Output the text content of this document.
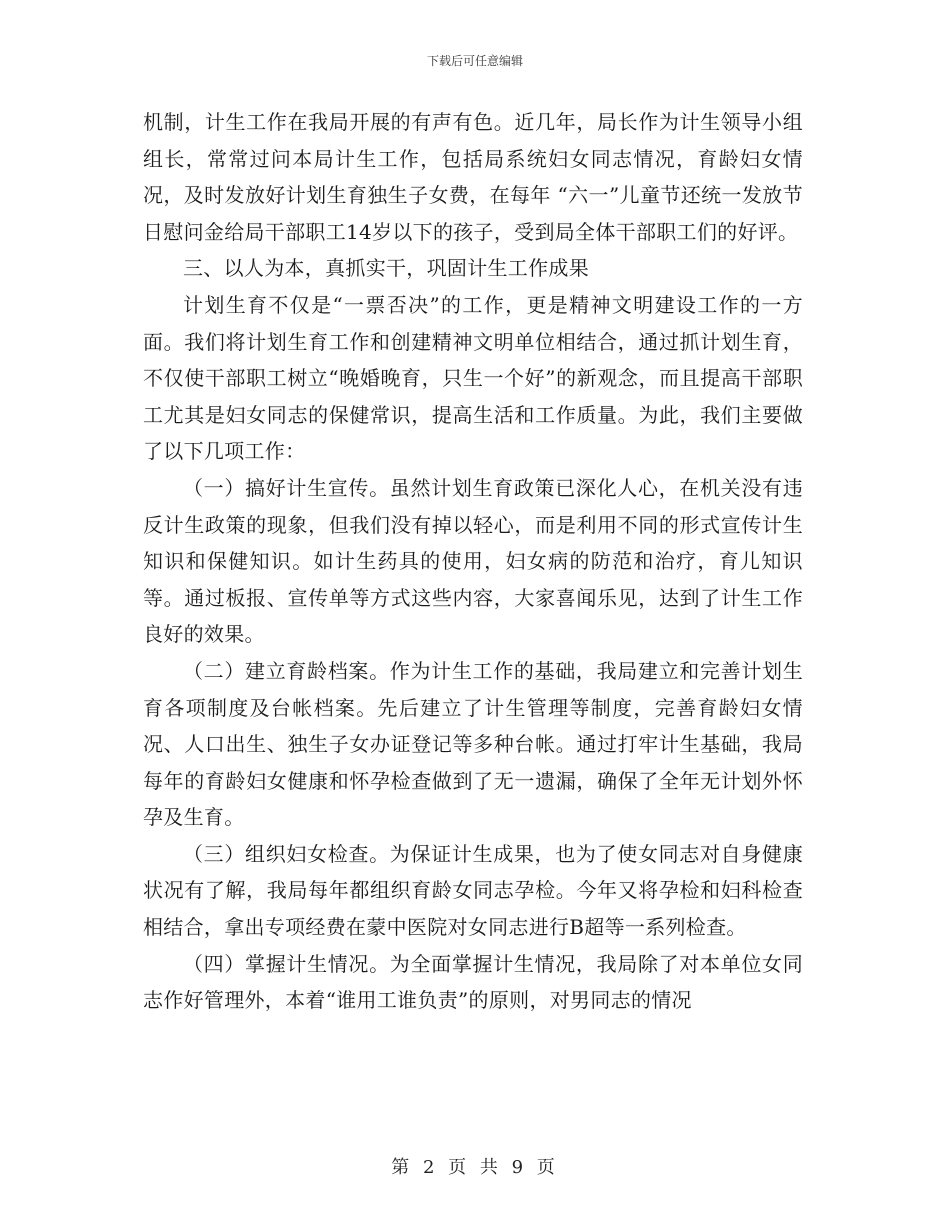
下载后可任意编辑

机制，计生工作在我局开展的有声有色。近几年，局长作为计生领导小组组长，常常过问本局计生工作，包括局系统妇女同志情况，育龄妇女情况，及时发放好计划生育独生子女费，在每年 “六一”儿童节还统一发放节日慰问金给局干部职工14岁以下的孩子，受到局全体干部职工们的好评。

三、以人为本，真抓实干，巩固计生工作成果

计划生育不仅是“一票否决”的工作，更是精神文明建设工作的一方面。我们将计划生育工作和创建精神文明单位相结合，通过抓计划生育，不仅使干部职工树立“晚婚晚育，只生一个好”的新观念，而且提高干部职工尤其是妇女同志的保健常识，提高生活和工作质量。为此，我们主要做了以下几项工作：

（一）搞好计生宣传。虽然计划生育政策已深化人心，在机关没有违反计生政策的现象，但我们没有掉以轻心，而是利用不同的形式宣传计生知识和保健知识。如计生药具的使用，妇女病的防范和治疗，育儿知识等。通过板报、宣传单等方式这些内容，大家喜闻乐见，达到了计生工作良好的效果。

（二）建立育龄档案。作为计生工作的基础，我局建立和完善计划生育各项制度及台帐档案。先后建立了计生管理等制度，完善育龄妇女情况、人口出生、独生子女办证登记等多种台帐。通过打牢计生基础，我局每年的育龄妇女健康和怀孕检查做到了无一遗漏，确保了全年无计划外怀孕及生育。

（三）组织妇女检查。为保证计生成果，也为了使女同志对自身健康状况有了解，我局每年都组织育龄女同志孕检。今年又将孕检和妇科检查相结合，拿出专项经费在蒙中医院对女同志进行B超等一系列检查。

（四）掌握计生情况。为全面掌握计生情况，我局除了对本单位女同志作好管理外，本着“谁用工谁负责”的原则，对男同志的情况

第 2 页 共 9 页
